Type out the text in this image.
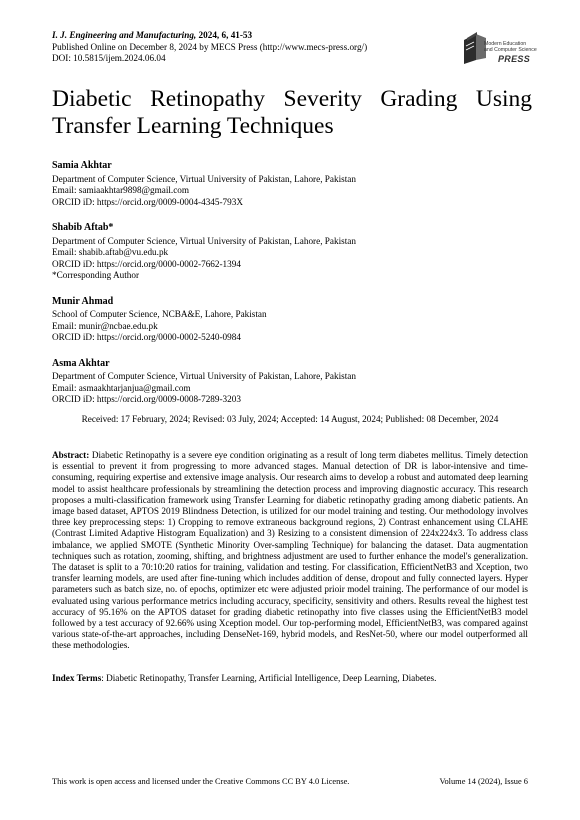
I. J. Engineering and Manufacturing, 2024, 6, 41-53
Published Online on December 8, 2024 by MECS Press (http://www.mecs-press.org/)
DOI: 10.5815/ijem.2024.06.04
Modern Education
and Computer Science
PRESS
Diabetic Retinopathy Severity Grading Using Transfer Learning Techniques
Samia Akhtar
Department of Computer Science, Virtual University of Pakistan, Lahore, Pakistan
Email: samiaakhtar9898@gmail.com
ORCID iD: https://orcid.org/0009-0004-4345-793X
Shabib Aftab*
Department of Computer Science, Virtual University of Pakistan, Lahore, Pakistan
Email: shabib.aftab@vu.edu.pk
ORCID iD: https://orcid.org/0000-0002-7662-1394
*Corresponding Author
Munir Ahmad
School of Computer Science, NCBA&E, Lahore, Pakistan
Email: munir@ncbae.edu.pk
ORCID iD: https://orcid.org/0000-0002-5240-0984
Asma Akhtar
Department of Computer Science, Virtual University of Pakistan, Lahore, Pakistan
Email: asmaakhtarjanjua@gmail.com
ORCID iD: https://orcid.org/0009-0008-7289-3203
Received: 17 February, 2024; Revised: 03 July, 2024; Accepted: 14 August, 2024; Published: 08 December, 2024
Abstract: Diabetic Retinopathy is a severe eye condition originating as a result of long term diabetes mellitus. Timely detection is essential to prevent it from progressing to more advanced stages. Manual detection of DR is labor-intensive and time-consuming, requiring expertise and extensive image analysis. Our research aims to develop a robust and automated deep learning model to assist healthcare professionals by streamlining the detection process and improving diagnostic accuracy. This research proposes a multi-classification framework using Transfer Learning for diabetic retinopathy grading among diabetic patients. An image based dataset, APTOS 2019 Blindness Detection, is utilized for our model training and testing. Our methodology involves three key preprocessing steps: 1) Cropping to remove extraneous background regions, 2) Contrast enhancement using CLAHE (Contrast Limited Adaptive Histogram Equalization) and 3) Resizing to a consistent dimension of 224x224x3. To address class imbalance, we applied SMOTE (Synthetic Minority Over-sampling Technique) for balancing the dataset. Data augmentation techniques such as rotation, zooming, shifting, and brightness adjustment are used to further enhance the model's generalization. The dataset is split to a 70:10:20 ratios for training, validation and testing. For classification, EfficientNetB3 and Xception, two transfer learning models, are used after fine-tuning which includes addition of dense, dropout and fully connected layers. Hyper parameters such as batch size, no. of epochs, optimizer etc were adjusted prioir model training. The performance of our model is evaluated using various performance metrics including accuracy, specificity, sensitivity and others. Results reveal the highest test accuracy of 95.16% on the APTOS dataset for grading diabetic retinopathy into five classes using the EfficientNetB3 model followed by a test accuracy of 92.66% using Xception model. Our top-performing model, EfficientNetB3, was compared against various state-of-the-art approaches, including DenseNet-169, hybrid models, and ResNet-50, where our model outperformed all these methodologies.
Index Terms: Diabetic Retinopathy, Transfer Learning, Artificial Intelligence, Deep Learning, Diabetes.
This work is open access and licensed under the Creative Commons CC BY 4.0 License.	Volume 14 (2024), Issue 6
